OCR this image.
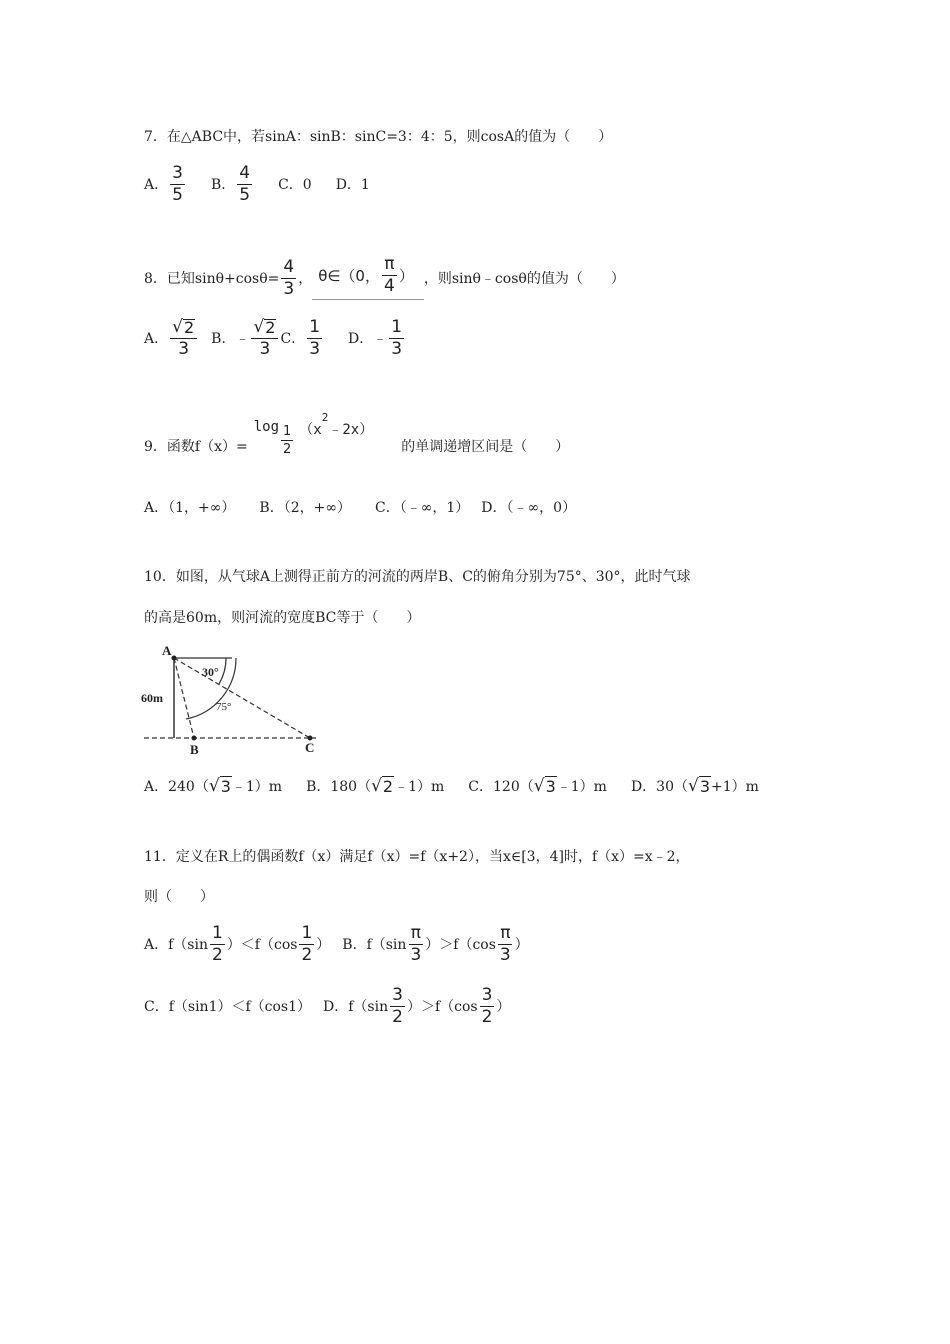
7．在△ABC中，若sinA：sinB：sinC=3：4：5，则cosA的值为（　　）
A． $\frac{3}{5}$ B． $\frac{4}{5}$ C．0 D．1
8．已知$\sin\theta+\cos\theta= \frac{4}{3}$ ， θ∈（0， $\frac{\pi}{4}$ ） ，则sinθ﹣cosθ的值为（　　）
A． $\frac{√ 2}{3}$ B．﹣ $\frac{√ 2}{3}$ C． $\frac{1}{3}$ D．﹣ $\frac{1}{3}$
9．函数f（x）=
$\log \frac{1}{2} (x$
2
﹣2x）
的单调递增区间是（　　）
A．（1，+∞） B．（2，+∞） C．（﹣∞，1） D．（﹣∞，0）
10．如图，从气球A上测得正前方的河流的两岸B、C的俯角分别为75°、30°，此时气球
的高是60m，则河流的宽度BC等于（　　）
A
B	C
60m
30°
75°
A．240（ √ 3 ﹣1）m B．180（ √ 2 ﹣1）m C．120（ √ 3 ﹣1）m D．30（ √ 3 +1）m
11．定义在R上的偶函数f（x）满足f（x）=f（x+2），当x∈[3，4]时，f（x）=x﹣2，
则（　　）
A．$f(\sin \frac{1}{2} )<f(\cos \frac{1}{2}$ ） B．$f(\sin \frac{\pi}{3} )>f(\cos \frac{\pi}{3}$ ）
C．f（sin1）＜f（cos1） D．$f(\sin \frac{3}{2} )>f(\cos \frac{3}{2}$ ）
